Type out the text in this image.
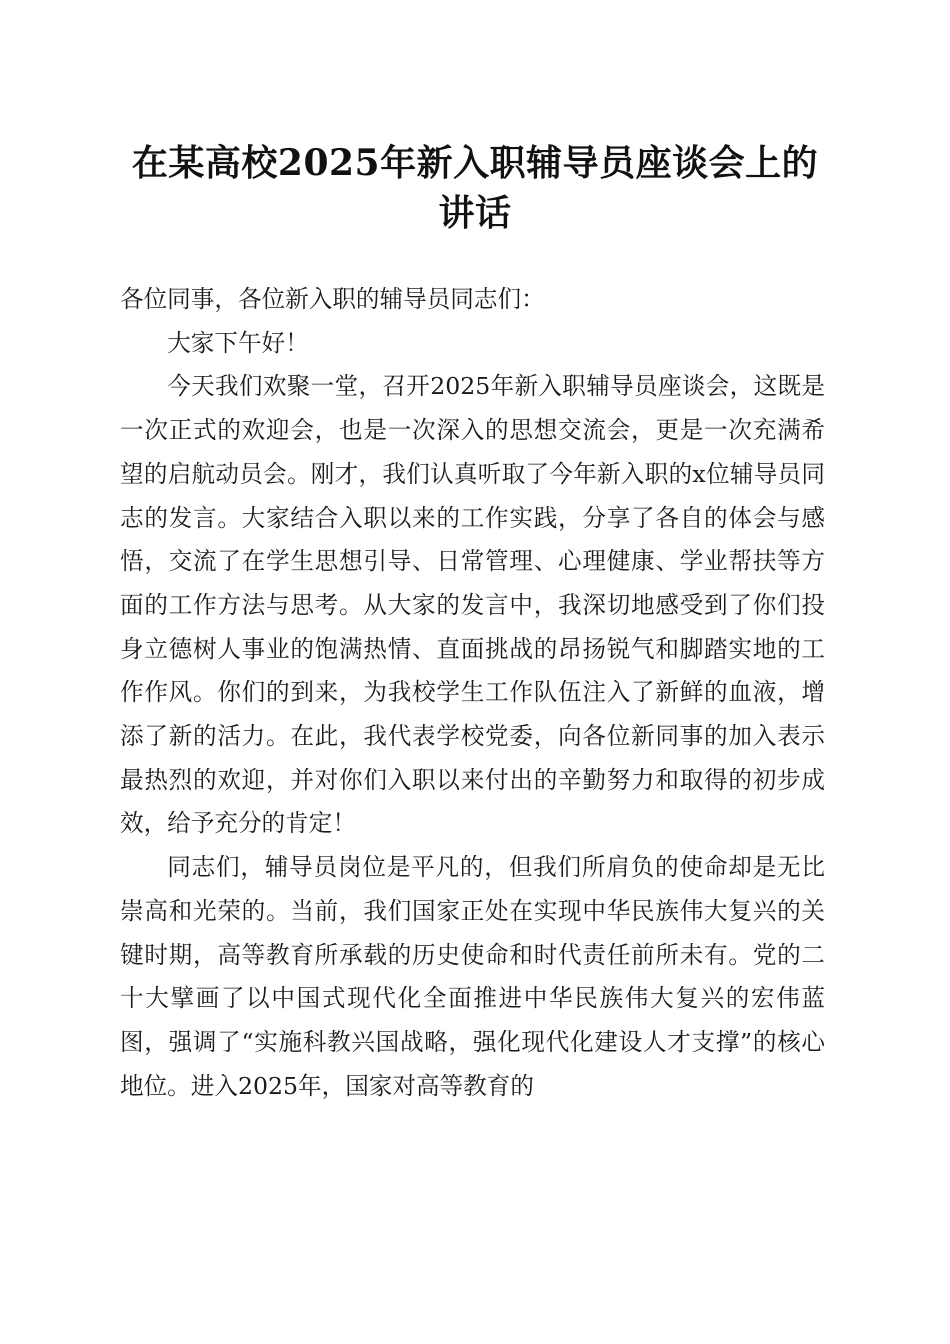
在某高校2025年新入职辅导员座谈会上的讲话

各位同事，各位新入职的辅导员同志们：

大家下午好！

今天我们欢聚一堂，召开2025年新入职辅导员座谈会，这既是一次正式的欢迎会，也是一次深入的思想交流会，更是一次充满希望的启航动员会。刚才，我们认真听取了今年新入职的x位辅导员同志的发言。大家结合入职以来的工作实践，分享了各自的体会与感悟，交流了在学生思想引导、日常管理、心理健康、学业帮扶等方面的工作方法与思考。从大家的发言中，我深切地感受到了你们投身立德树人事业的饱满热情、直面挑战的昂扬锐气和脚踏实地的工作作风。你们的到来，为我校学生工作队伍注入了新鲜的血液，增添了新的活力。在此，我代表学校党委，向各位新同事的加入表示最热烈的欢迎，并对你们入职以来付出的辛勤努力和取得的初步成效，给予充分的肯定！

同志们，辅导员岗位是平凡的，但我们所肩负的使命却是无比崇高和光荣的。当前，我们国家正处在实现中华民族伟大复兴的关键时期，高等教育所承载的历史使命和时代责任前所未有。党的二十大擘画了以中国式现代化全面推进中华民族伟大复兴的宏伟蓝图，强调了“实施科教兴国战略，强化现代化建设人才支撑”的核心地位。进入2025年，国家对高等教育的
